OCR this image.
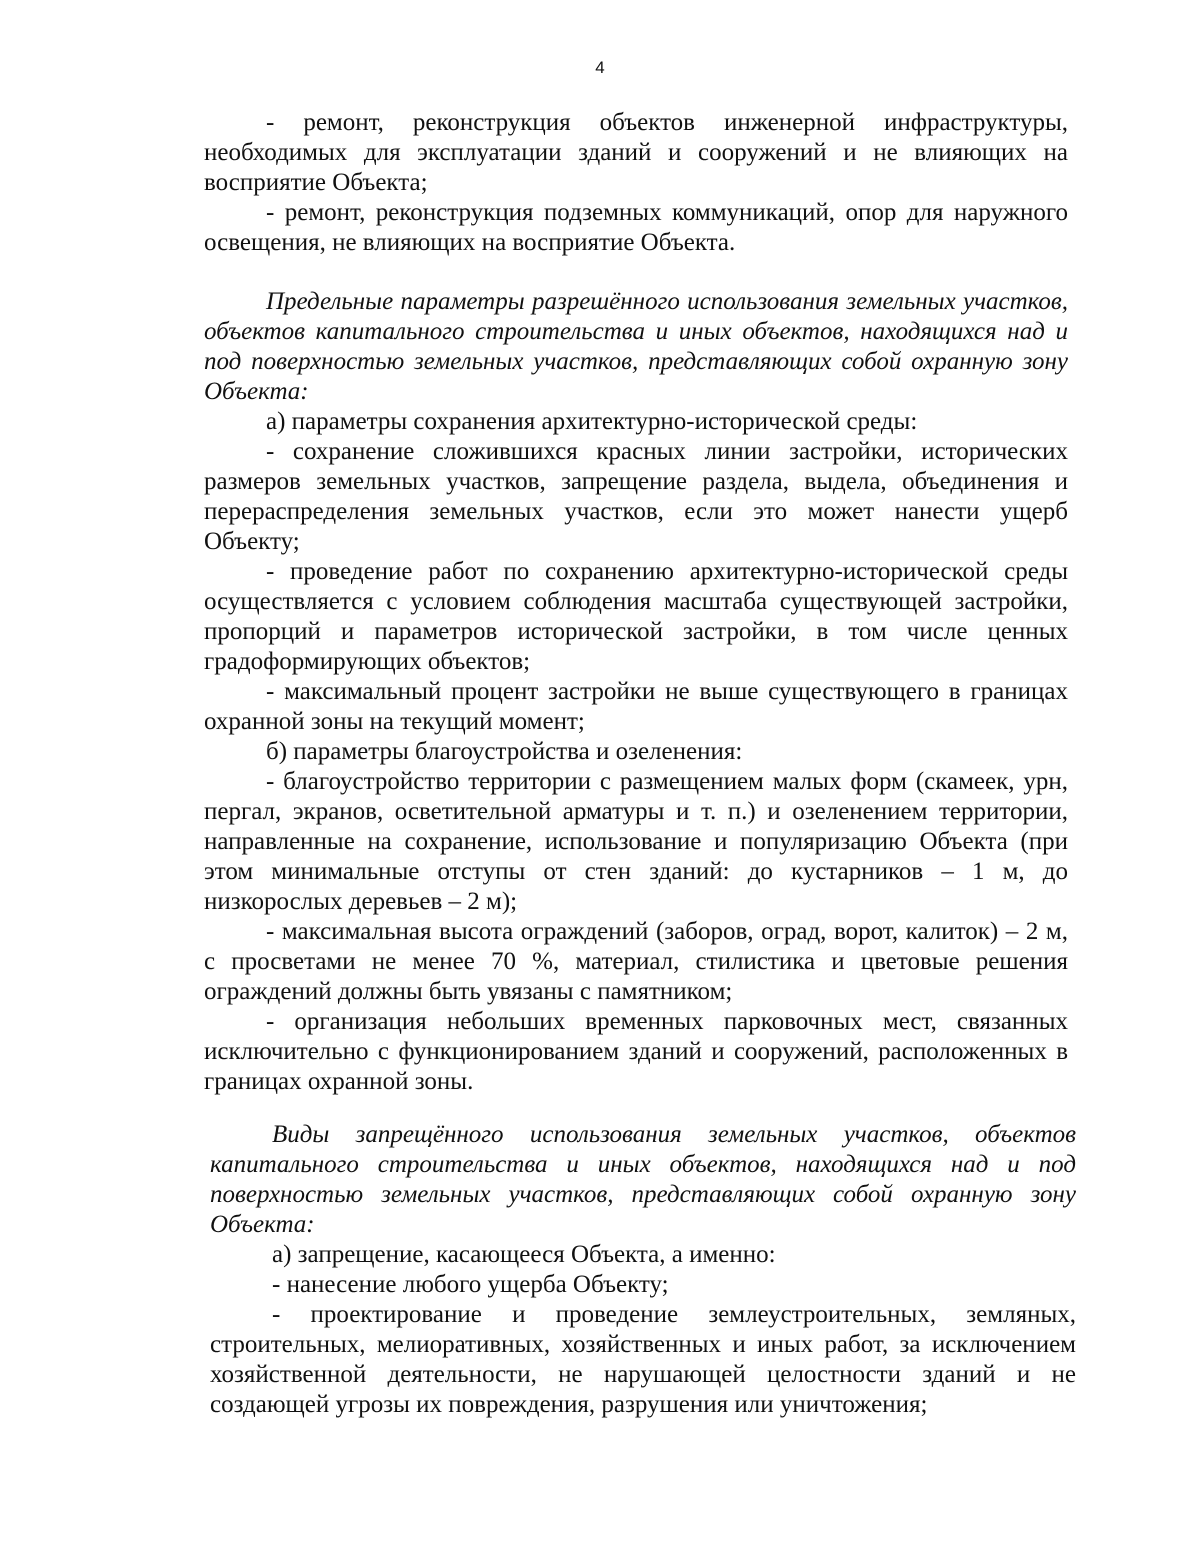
4

- ремонт, реконструкция объектов инженерной инфраструктуры, необходимых для эксплуатации зданий и сооружений и не влияющих на восприятие Объекта;

- ремонт, реконструкция подземных коммуникаций, опор для наружного освещения, не влияющих на восприятие Объекта.

Предельные параметры разрешённого использования земельных участков, объектов капитального строительства и иных объектов, находящихся над и под поверхностью земельных участков, представляющих собой охранную зону Объекта:

а) параметры сохранения архитектурно-исторической среды:

- сохранение сложившихся красных линии застройки, исторических размеров земельных участков, запрещение раздела, выдела, объединения и перераспределения земельных участков, если это может нанести ущерб Объекту;

- проведение работ по сохранению архитектурно-исторической среды осуществляется с условием соблюдения масштаба существующей застройки, пропорций и параметров исторической застройки, в том числе ценных градоформирующих объектов;

- максимальный процент застройки не выше существующего в границах охранной зоны на текущий момент;

б) параметры благоустройства и озеленения:

- благоустройство территории с размещением малых форм (скамеек, урн, пергал, экранов, осветительной арматуры и т. п.) и озеленением территории, направленные на сохранение, использование и популяризацию Объекта (при этом минимальные отступы от стен зданий: до кустарников – 1 м, до низкорослых деревьев – 2 м);

- максимальная высота ограждений (заборов, оград, ворот, калиток) – 2 м, с просветами не менее 70 %, материал, стилистика и цветовые решения ограждений должны быть увязаны с памятником;

- организация небольших временных парковочных мест, связанных исключительно с функционированием зданий и сооружений, расположенных в границах охранной зоны.

Виды запрещённого использования земельных участков, объектов капитального строительства и иных объектов, находящихся над и под поверхностью земельных участков, представляющих собой охранную зону Объекта:

а) запрещение, касающееся Объекта, а именно:

- нанесение любого ущерба Объекту;

- проектирование и проведение землеустроительных, земляных, строительных, мелиоративных, хозяйственных и иных работ, за исключением хозяйственной деятельности, не нарушающей целостности зданий и не создающей угрозы их повреждения, разрушения или уничтожения;
